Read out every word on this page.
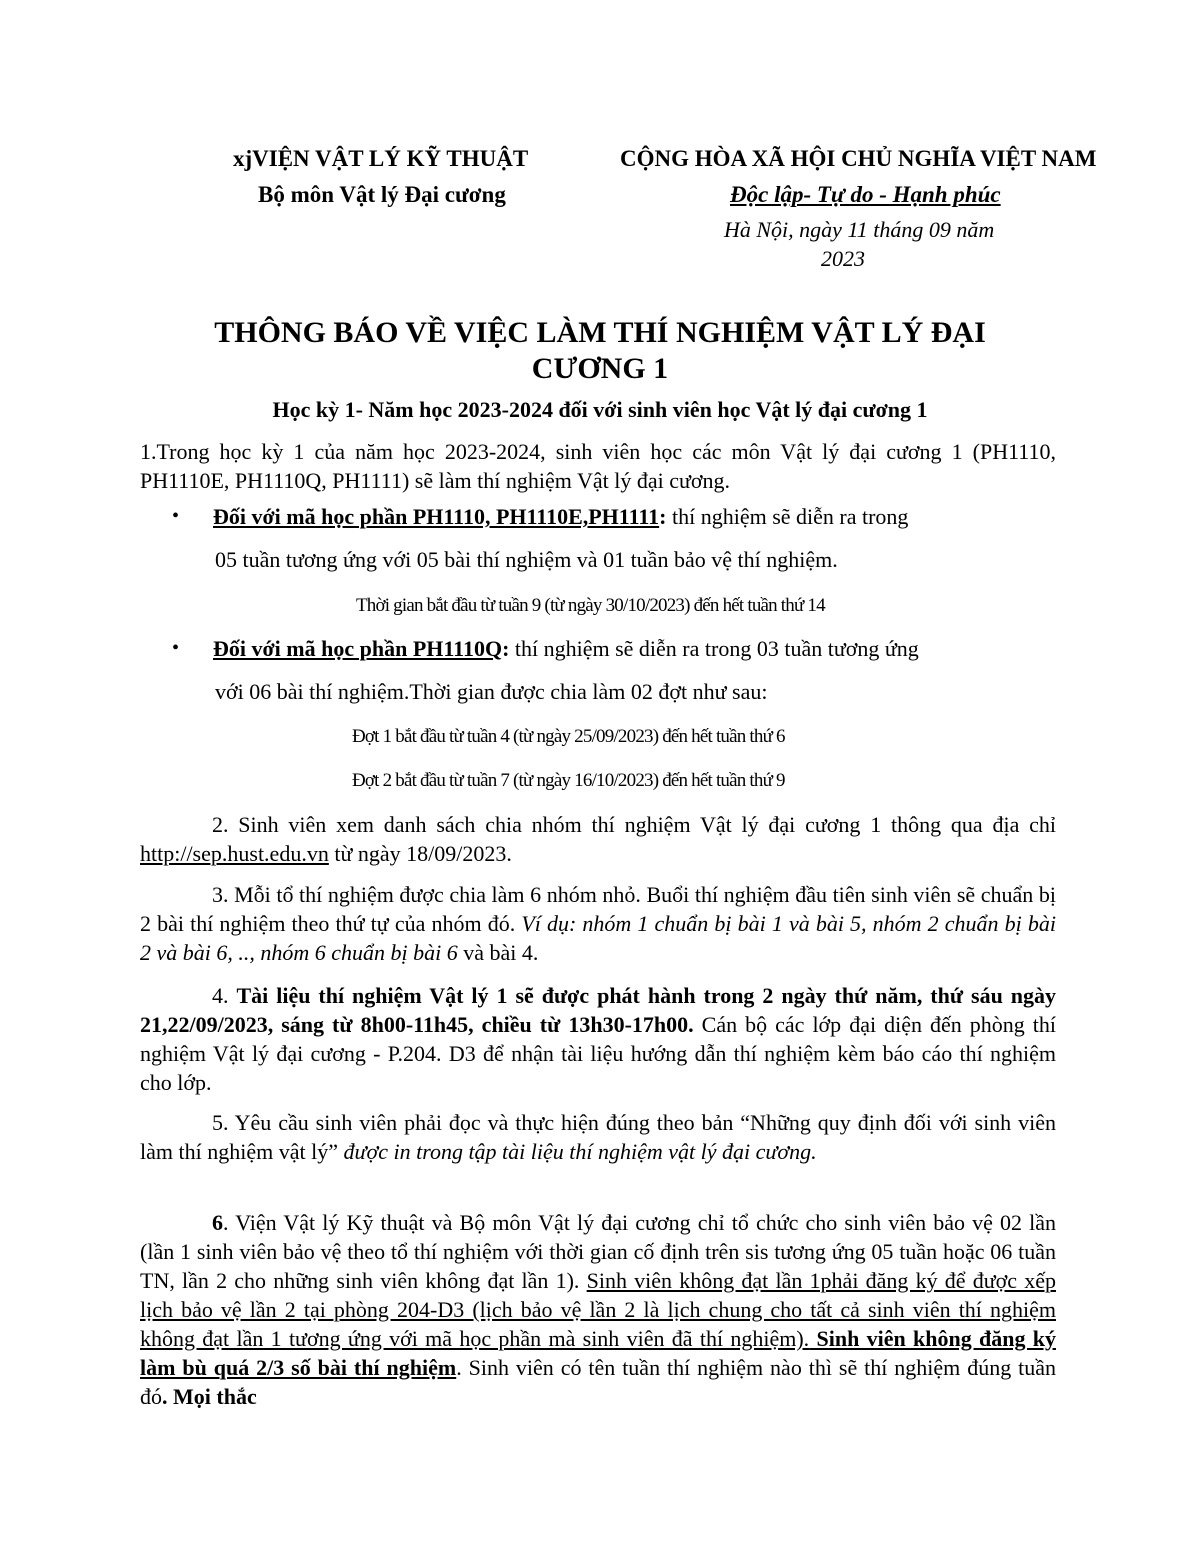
xjVIỆN VẬT LÝ KỸ THUẬT
Bộ môn Vật lý Đại cương
CỘNG HÒA XÃ HỘI CHỦ NGHĨA VIỆT NAM
Độc lập- Tự do - Hạnh phúc
Hà Nội, ngày 11 tháng 09 năm
2023
THÔNG BÁO VỀ VIỆC LÀM THÍ NGHIỆM VẬT LÝ ĐẠI
CƯƠNG 1
Học kỳ 1- Năm học 2023-2024 đối với sinh viên học Vật lý đại cương 1
1.Trong học kỳ 1 của năm học 2023-2024, sinh viên học các môn Vật lý đại cương 1 (PH1110, PH1110E, PH1110Q, PH1111) sẽ làm thí nghiệm Vật lý đại cương.
•	Đối với mã học phần PH1110, PH1110E,PH1111: thí nghiệm sẽ diễn ra trong
05 tuần tương ứng với 05 bài thí nghiệm và 01 tuần bảo vệ thí nghiệm.
Thời gian bắt đầu từ tuần 9 (từ ngày 30/10/2023) đến hết tuần thứ 14
•	Đối với mã học phần PH1110Q: thí nghiệm sẽ diễn ra trong 03 tuần tương ứng
với 06 bài thí nghiệm.Thời gian được chia làm 02 đợt như sau:
Đợt 1 bắt đầu từ tuần 4 (từ ngày 25/09/2023) đến hết tuần thứ 6
Đợt 2 bắt đầu từ tuần 7 (từ ngày 16/10/2023) đến hết tuần thứ 9
2. Sinh viên xem danh sách chia nhóm thí nghiệm Vật lý đại cương 1 thông qua địa chỉ http://sep.hust.edu.vn từ ngày 18/09/2023.
3. Mỗi tổ thí nghiệm được chia làm 6 nhóm nhỏ. Buổi thí nghiệm đầu tiên sinh viên sẽ chuẩn bị 2 bài thí nghiệm theo thứ tự của nhóm đó. Ví dụ: nhóm 1 chuẩn bị bài 1 và bài 5, nhóm 2 chuẩn bị bài 2 và bài 6, .., nhóm 6 chuẩn bị bài 6 và bài 4.
4. Tài liệu thí nghiệm Vật lý 1 sẽ được phát hành trong 2 ngày thứ năm, thứ sáu ngày 21,22/09/2023, sáng từ 8h00-11h45, chiều từ 13h30-17h00. Cán bộ các lớp đại diện đến phòng thí nghiệm Vật lý đại cương - P.204. D3 để nhận tài liệu hướng dẫn thí nghiệm kèm báo cáo thí nghiệm cho lớp.
5. Yêu cầu sinh viên phải đọc và thực hiện đúng theo bản “Những quy định đối với sinh viên làm thí nghiệm vật lý” được in trong tập tài liệu thí nghiệm vật lý đại cương.
6. Viện Vật lý Kỹ thuật và Bộ môn Vật lý đại cương chỉ tổ chức cho sinh viên bảo vệ 02 lần (lần 1 sinh viên bảo vệ theo tổ thí nghiệm với thời gian cố định trên sis tương ứng 05 tuần hoặc 06 tuần TN, lần 2 cho những sinh viên không đạt lần 1). Sinh viên không đạt lần 1phải đăng ký để được xếp lịch bảo vệ lần 2 tại phòng 204-D3 (lịch bảo vệ lần 2 là lịch chung cho tất cả sinh viên thí nghiệm không đạt lần 1 tương ứng với mã học phần mà sinh viên đã thí nghiệm). Sinh viên không đăng ký làm bù quá 2/3 số bài thí nghiệm. Sinh viên có tên tuần thí nghiệm nào thì sẽ thí nghiệm đúng tuần đó. Mọi thắc
